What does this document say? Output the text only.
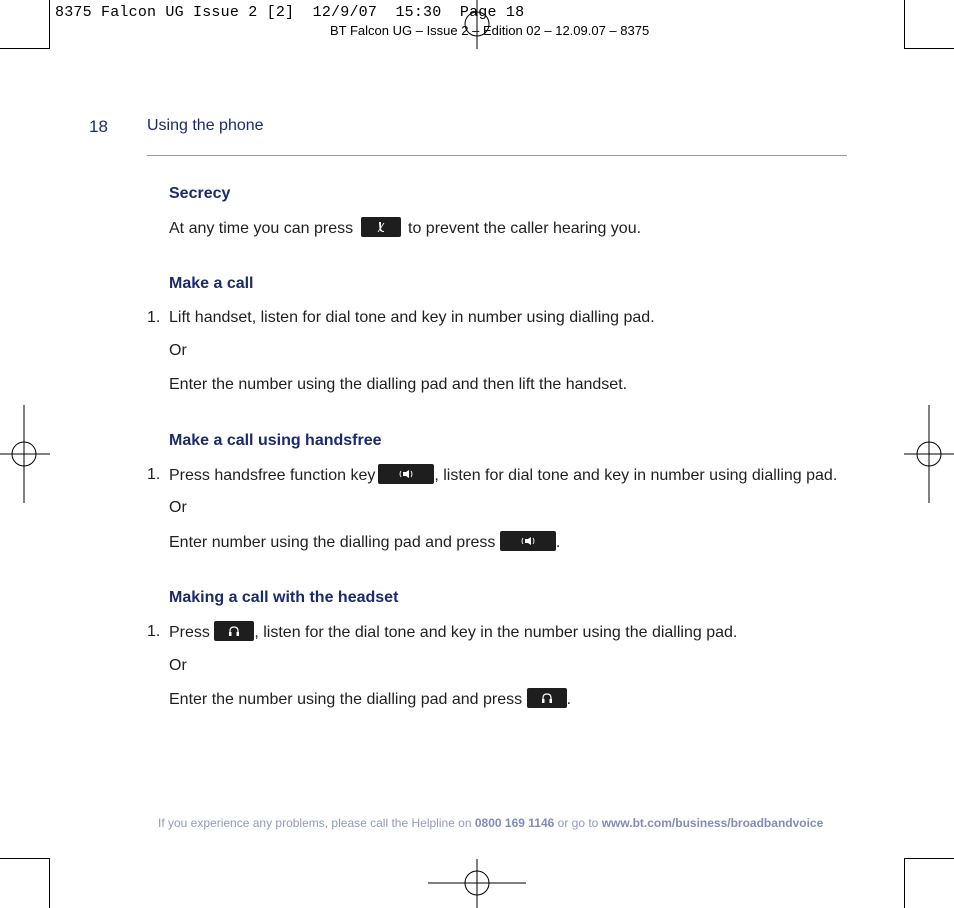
8375 Falcon UG Issue 2 [2]  12/9/07  15:30  Page 18
BT Falcon UG – Issue 2 – Edition 02 – 12.09.07 – 8375
18 Using the phone
Secrecy
At any time you can press	to prevent the caller hearing you.
Make a call
1. Lift handset, listen for dial tone and key in number using dialling pad.
Or
Enter the number using the dialling pad and then lift the handset.
Make a call using handsfree
1. Press handsfree function key	, listen for dial tone and key in number using dialling pad.
Or
Enter number using the dialling pad and press	.
Making a call with the headset
1. Press	, listen for the dial tone and key in the number using the dialling pad.
Or
Enter the number using the dialling pad and press	.
If you experience any problems, please call the Helpline on 0800 169 1146 or go to www.bt.com/business/broadbandvoice
